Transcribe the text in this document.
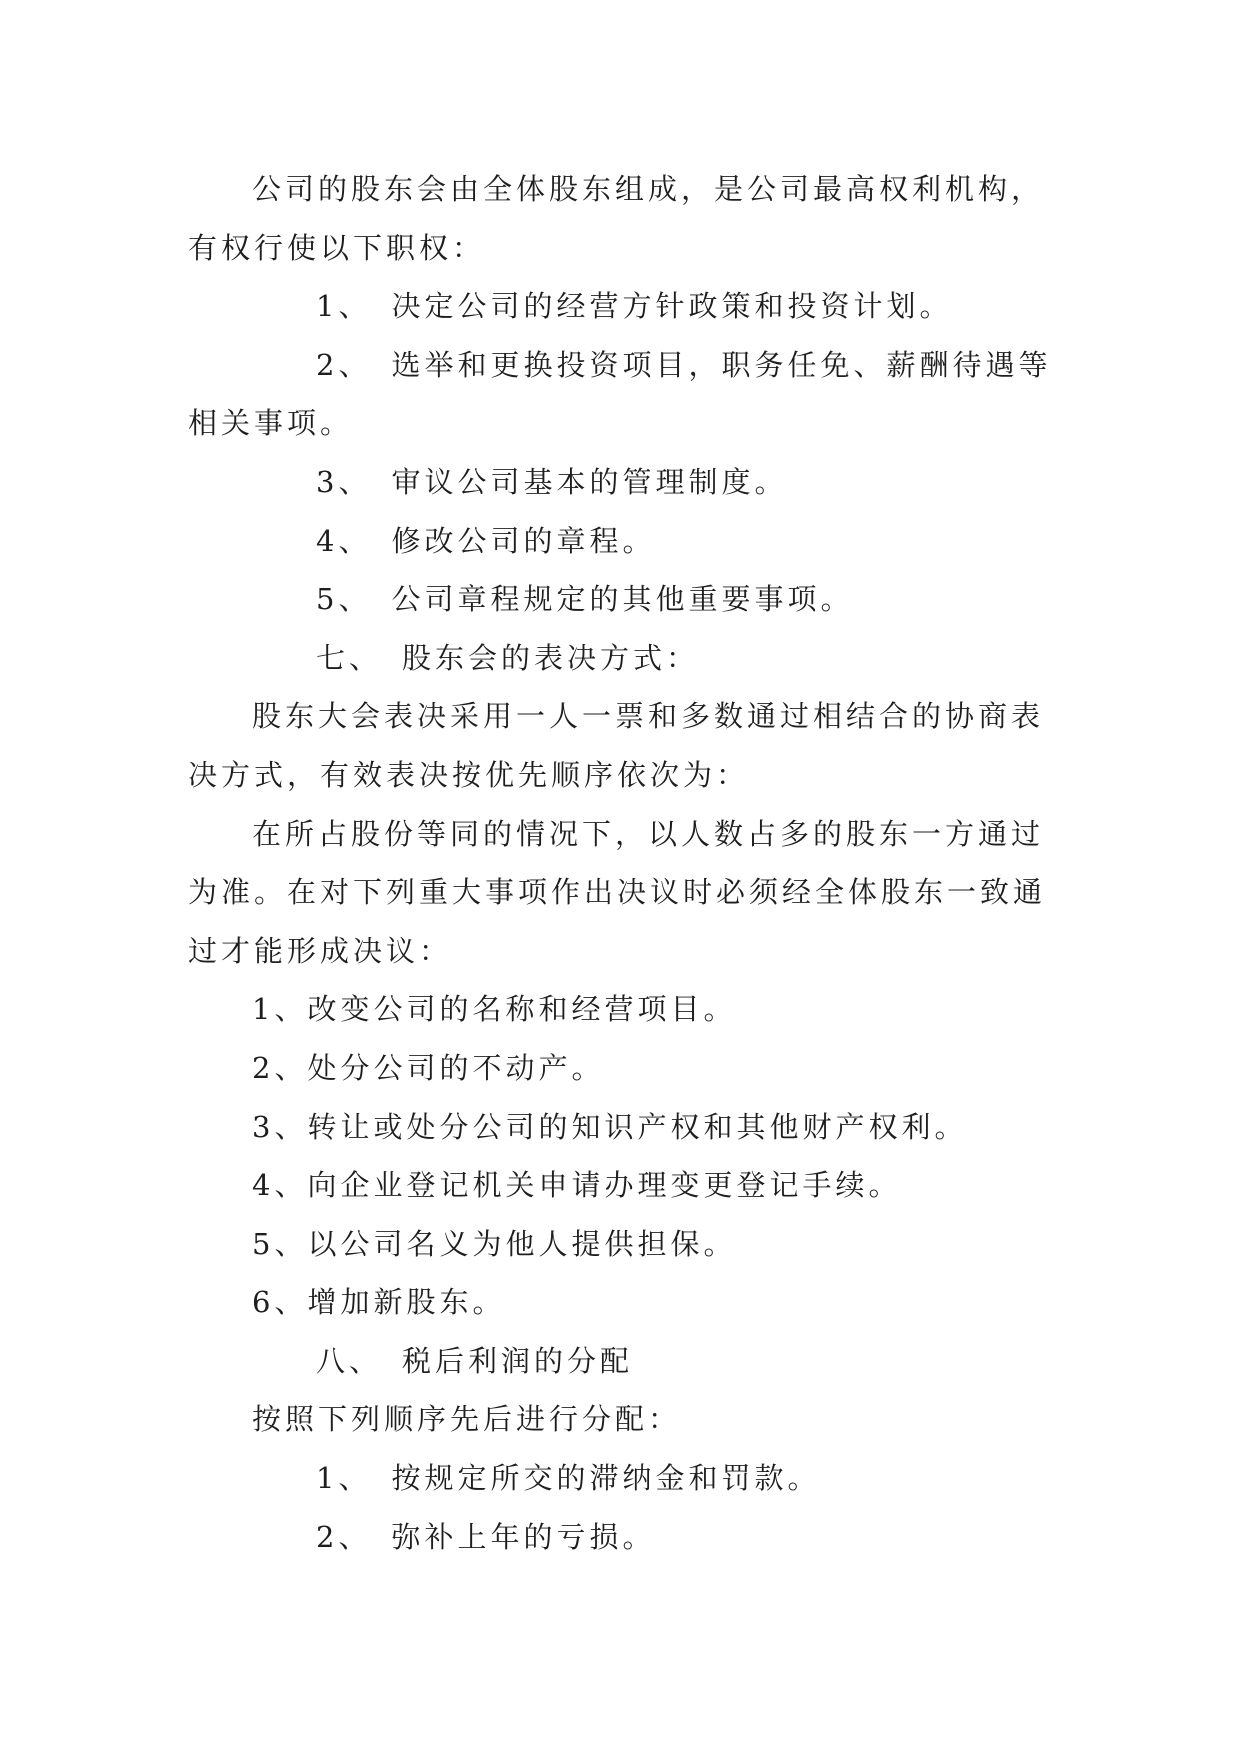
公司的股东会由全体股东组成，是公司最高权利机构，有权行使以下职权：

1、 决定公司的经营方针政策和投资计划。

2、 选举和更换投资项目，职务任免、薪酬待遇等相关事项。

3、 审议公司基本的管理制度。

4、 修改公司的章程。

5、 公司章程规定的其他重要事项。

七、 股东会的表决方式：

股东大会表决采用一人一票和多数通过相结合的协商表决方式，有效表决按优先顺序依次为：

在所占股份等同的情况下，以人数占多的股东一方通过为准。在对下列重大事项作出决议时必须经全体股东一致通过才能形成决议：

1、改变公司的名称和经营项目。

2、处分公司的不动产。

3、转让或处分公司的知识产权和其他财产权利。

4、向企业登记机关申请办理变更登记手续。

5、以公司名义为他人提供担保。

6、增加新股东。

八、 税后利润的分配

按照下列顺序先后进行分配：

1、 按规定所交的滞纳金和罚款。

2、 弥补上年的亏损。
